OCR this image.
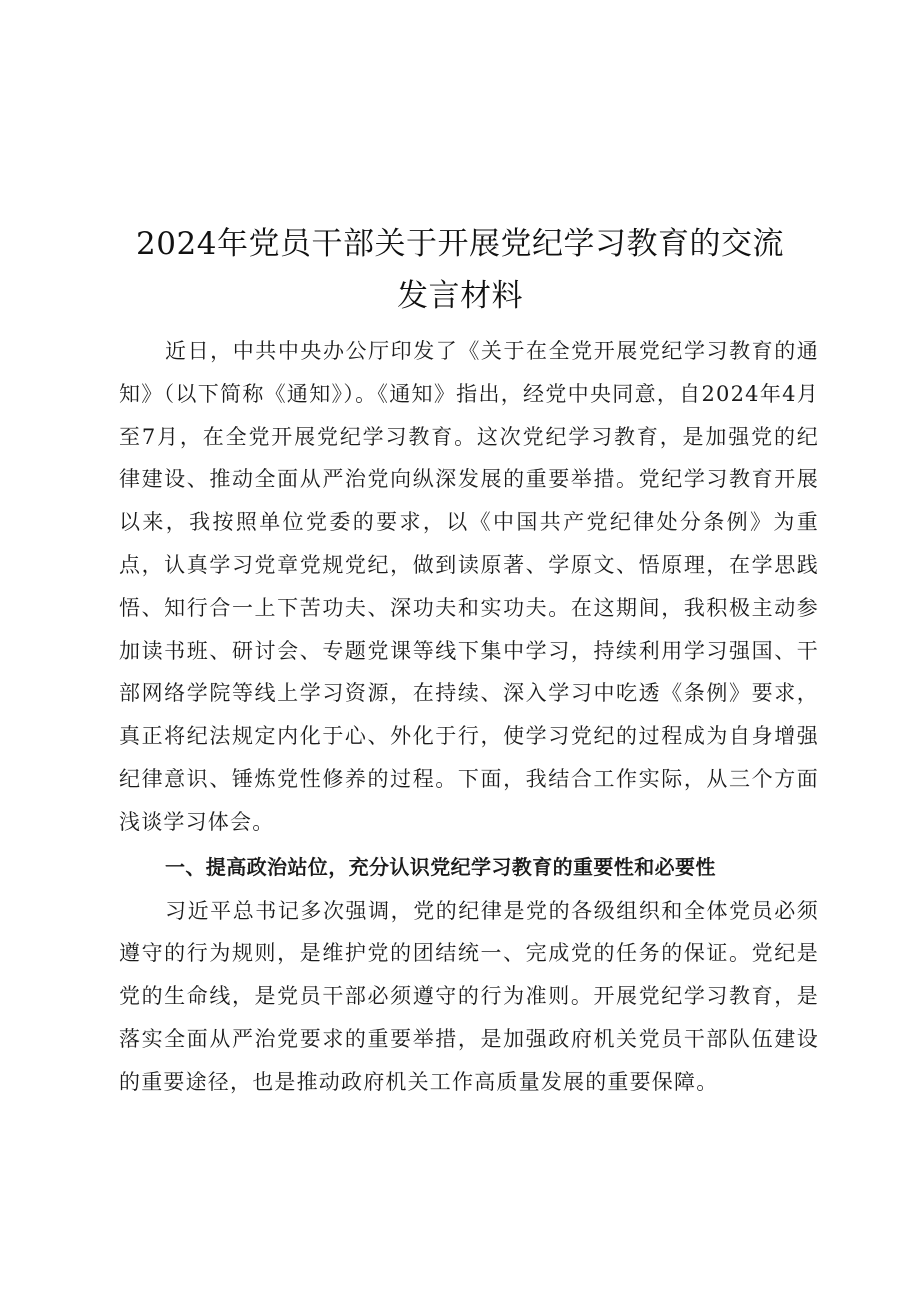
2024年党员干部关于开展党纪学习教育的交流
发言材料

近日，中共中央办公厅印发了《关于在全党开展党纪学习教育的通知》（以下简称《通知》）。《通知》指出，经党中央同意，自2024年4月至7月，在全党开展党纪学习教育。这次党纪学习教育，是加强党的纪律建设、推动全面从严治党向纵深发展的重要举措。党纪学习教育开展以来，我按照单位党委的要求，以《中国共产党纪律处分条例》为重点，认真学习党章党规党纪，做到读原著、学原文、悟原理，在学思践悟、知行合一上下苦功夫、深功夫和实功夫。在这期间，我积极主动参加读书班、研讨会、专题党课等线下集中学习，持续利用学习强国、干部网络学院等线上学习资源，在持续、深入学习中吃透《条例》要求，真正将纪法规定内化于心、外化于行，使学习党纪的过程成为自身增强纪律意识、锤炼党性修养的过程。下面，我结合工作实际，从三个方面浅谈学习体会。

一、提高政治站位，充分认识党纪学习教育的重要性和必要性

习近平总书记多次强调，党的纪律是党的各级组织和全体党员必须遵守的行为规则，是维护党的团结统一、完成党的任务的保证。党纪是党的生命线，是党员干部必须遵守的行为准则。开展党纪学习教育，是落实全面从严治党要求的重要举措，是加强政府机关党员干部队伍建设的重要途径，也是推动政府机关工作高质量发展的重要保障。
